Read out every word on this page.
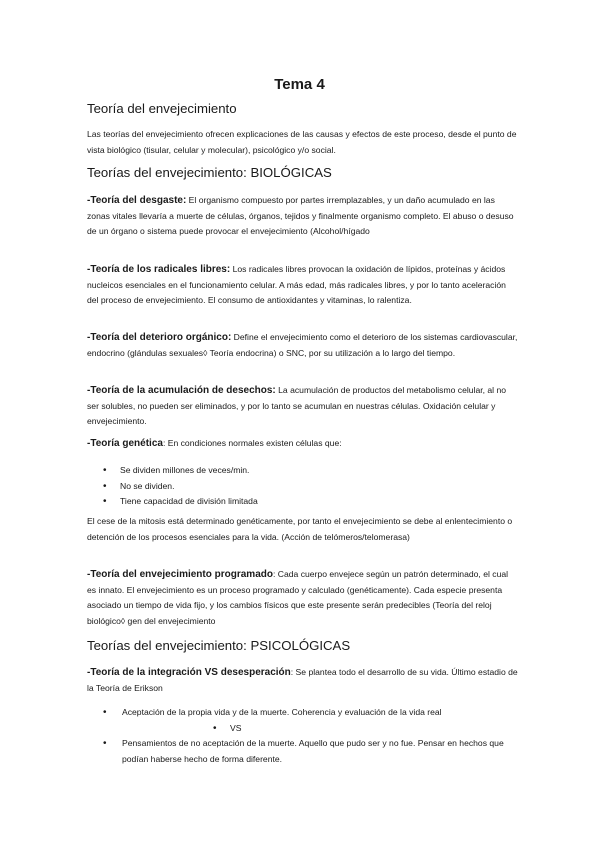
Tema 4
Teoría del envejecimiento
Las teorías del envejecimiento ofrecen explicaciones de las causas y efectos de este proceso, desde el punto de vista biológico (tisular, celular y molecular), psicológico y/o social.
Teorías del envejecimiento: BIOLÓGICAS
-Teoría del desgaste: El organismo compuesto por partes irremplazables, y un daño acumulado en las zonas vitales llevaría a muerte de células, órganos, tejidos y finalmente organismo completo. El abuso o desuso de un órgano o sistema puede provocar el envejecimiento (Alcohol/hígado
-Teoría de los radicales libres: Los radicales libres provocan la oxidación de lípidos, proteínas y ácidos nucleicos esenciales en el funcionamiento celular. A más edad, más radicales libres, y por lo tanto aceleración del proceso de envejecimiento. El consumo de antioxidantes y vitaminas, lo ralentiza.
-Teoría del deterioro orgánico: Define el envejecimiento como el deterioro de los sistemas cardiovascular, endocrino (glándulas sexuales◊ Teoría endocrina) o SNC, por su utilización a lo largo del tiempo.
-Teoría de la acumulación de desechos: La acumulación de productos del metabolismo celular, al no ser solubles, no pueden ser eliminados, y por lo tanto se acumulan en nuestras células. Oxidación celular y envejecimiento.
-Teoría genética: En condiciones normales existen células que:
• Se dividen millones de veces/min.
• No se dividen.
• Tiene capacidad de división limitada
El cese de la mitosis está determinado genéticamente, por tanto el envejecimiento se debe al enlentecimiento o detención de los procesos esenciales para la vida. (Acción de telómeros/telomerasa)
-Teoría del envejecimiento programado: Cada cuerpo envejece según un patrón determinado, el cual es innato. El envejecimiento es un proceso programado y calculado (genéticamente). Cada especie presenta asociado un tiempo de vida fijo, y los cambios físicos que este presente serán predecibles (Teoría del reloj biológico◊ gen del envejecimiento
Teorías del envejecimiento: PSICOLÓGICAS
-Teoría de la integración VS desesperación: Se plantea todo el desarrollo de su vida. Último estadio de la Teoría de Erikson
• Aceptación de la propia vida y de la muerte. Coherencia y evaluación de la vida real
• VS
• Pensamientos de no aceptación de la muerte. Aquello que pudo ser y no fue. Pensar en hechos que podían haberse hecho de forma diferente.
